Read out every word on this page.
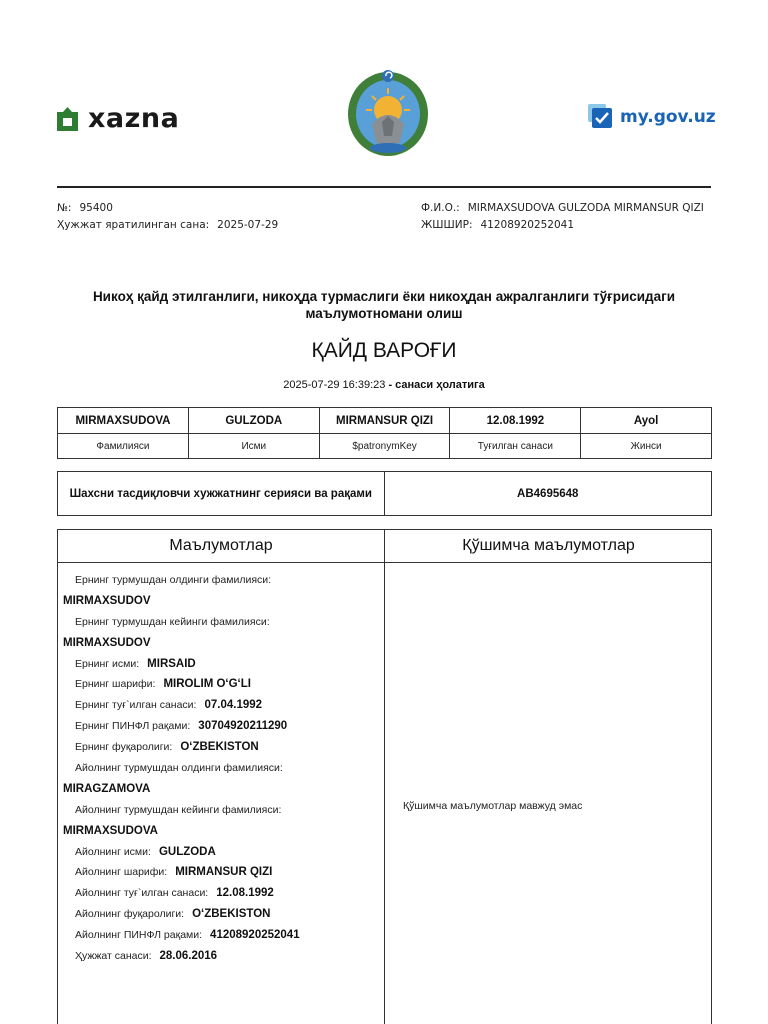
xazna	my.gov.uz
№: 95400
Ҳужжат яратилинган сана: 2025-07-29
Ф.И.О.: MIRMAXSUDOVA GULZODA MIRMANSUR QIZI
ЖШШИР: 41208920252041
Никоҳ қайд этилганлиги, никоҳда турмаслиги ёки никоҳдан ажралганлиги тўғрисидаги
маълумотномани олиш
ҚАЙД ВАРОҒИ
2025-07-29 16:39:23 - санаси ҳолатига
MIRMAXSUDOVA	GULZODA	MIRMANSUR QIZI	12.08.1992	Ayol
Фамилияси	Исми	$patronymKey	Туғилган санаси	Жинси
Шахсни тасдиқловчи хужжатнинг серияси ва рақами	AB4695648
Маълумотлар	Қўшимча маълумотлар
Ернинг турмушдан олдинги фамилияси:
MIRMAXSUDOV
Ернинг турмушдан кейинги фамилияси:
MIRMAXSUDOV
Ернинг исми: MIRSAID
Ернинг шарифи: MIROLIM O‘G‘LI
Ернинг туғ`илган санаси: 07.04.1992
Ернинг ПИНФЛ рақами: 30704920211290
Ернинг фуқаролиги: O‘ZBEKISTON
Айолнинг турмушдан олдинги фамилияси:
MIRAGZAMOVA
Айолнинг турмушдан кейинги фамилияси:
MIRMAXSUDOVA
Айолнинг исми: GULZODA
Айолнинг шарифи: MIRMANSUR QIZI
Айолнинг туғ`илган санаси: 12.08.1992
Айолнинг фуқаролиги: O‘ZBEKISTON
Айолнинг ПИНФЛ рақами: 41208920252041
Ҳужжат санаси: 28.06.2016
Қўшимча маълумотлар мавжуд эмас
